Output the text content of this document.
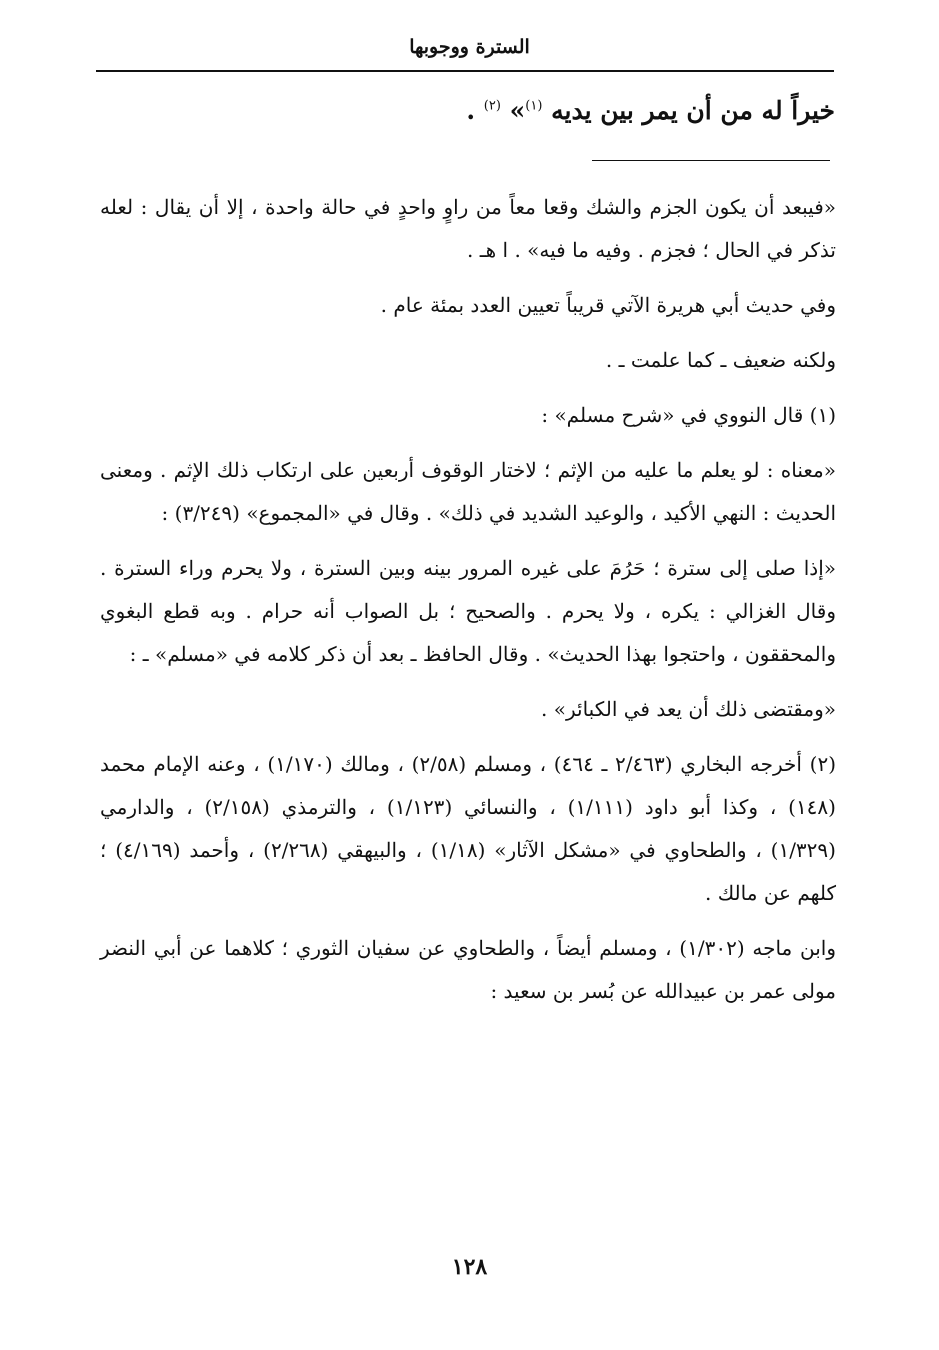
السترة ووجوبها
خيراً له من أن يمر بين يديه $^{(١)}$» $^{(٢)}$ .

«فيبعد أن يكون الجزم والشك وقعا معاً من راوٍ واحدٍ في حالة واحدة ، إلا أن يقال : لعله تذكر في الحال ؛ فجزم . وفيه ما فيه» . ا هـ .

وفي حديث أبي هريرة الآتي قريباً تعيين العدد بمئة عام .

ولكنه ضعيف ـ كما علمت ـ .

(١) قال النووي في «شرح مسلم» :

«معناه : لو يعلم ما عليه من الإثم ؛ لاختار الوقوف أربعين على ارتكاب ذلك الإثم . ومعنى الحديث : النهي الأكيد ، والوعيد الشديد في ذلك» . وقال في «المجموع» (٣/٢٤٩) :

«إذا صلى إلى سترة ؛ حَرُمَ على غيره المرور بينه وبين السترة ، ولا يحرم وراء السترة . وقال الغزالي : يكره ، ولا يحرم . والصحيح ؛ بل الصواب أنه حرام . وبه قطع البغوي والمحققون ، واحتجوا بهذا الحديث» . وقال الحافظ ـ بعد أن ذكر كلامه في «مسلم» ـ :

«ومقتضى ذلك أن يعد في الكبائر» .

(٢) أخرجه البخاري (٢/٤٦٣ ـ ٤٦٤) ، ومسلم (٢/٥٨) ، ومالك (١/١٧٠) ، وعنه الإمام محمد (١٤٨) ، وكذا أبو داود (١/١١١) ، والنسائي (١/١٢٣) ، والترمذي (٢/١٥٨) ، والدارمي (١/٣٢٩) ، والطحاوي في «مشكل الآثار» (١/١٨) ، والبيهقي (٢/٢٦٨) ، وأحمد (٤/١٦٩) ؛ كلهم عن مالك .

وابن ماجه (١/٣٠٢) ، ومسلم أيضاً ، والطحاوي عن سفيان الثوري ؛ كلاهما عن أبي النضر مولى عمر بن عبيدالله عن بُسر بن سعيد :

١٢٨
